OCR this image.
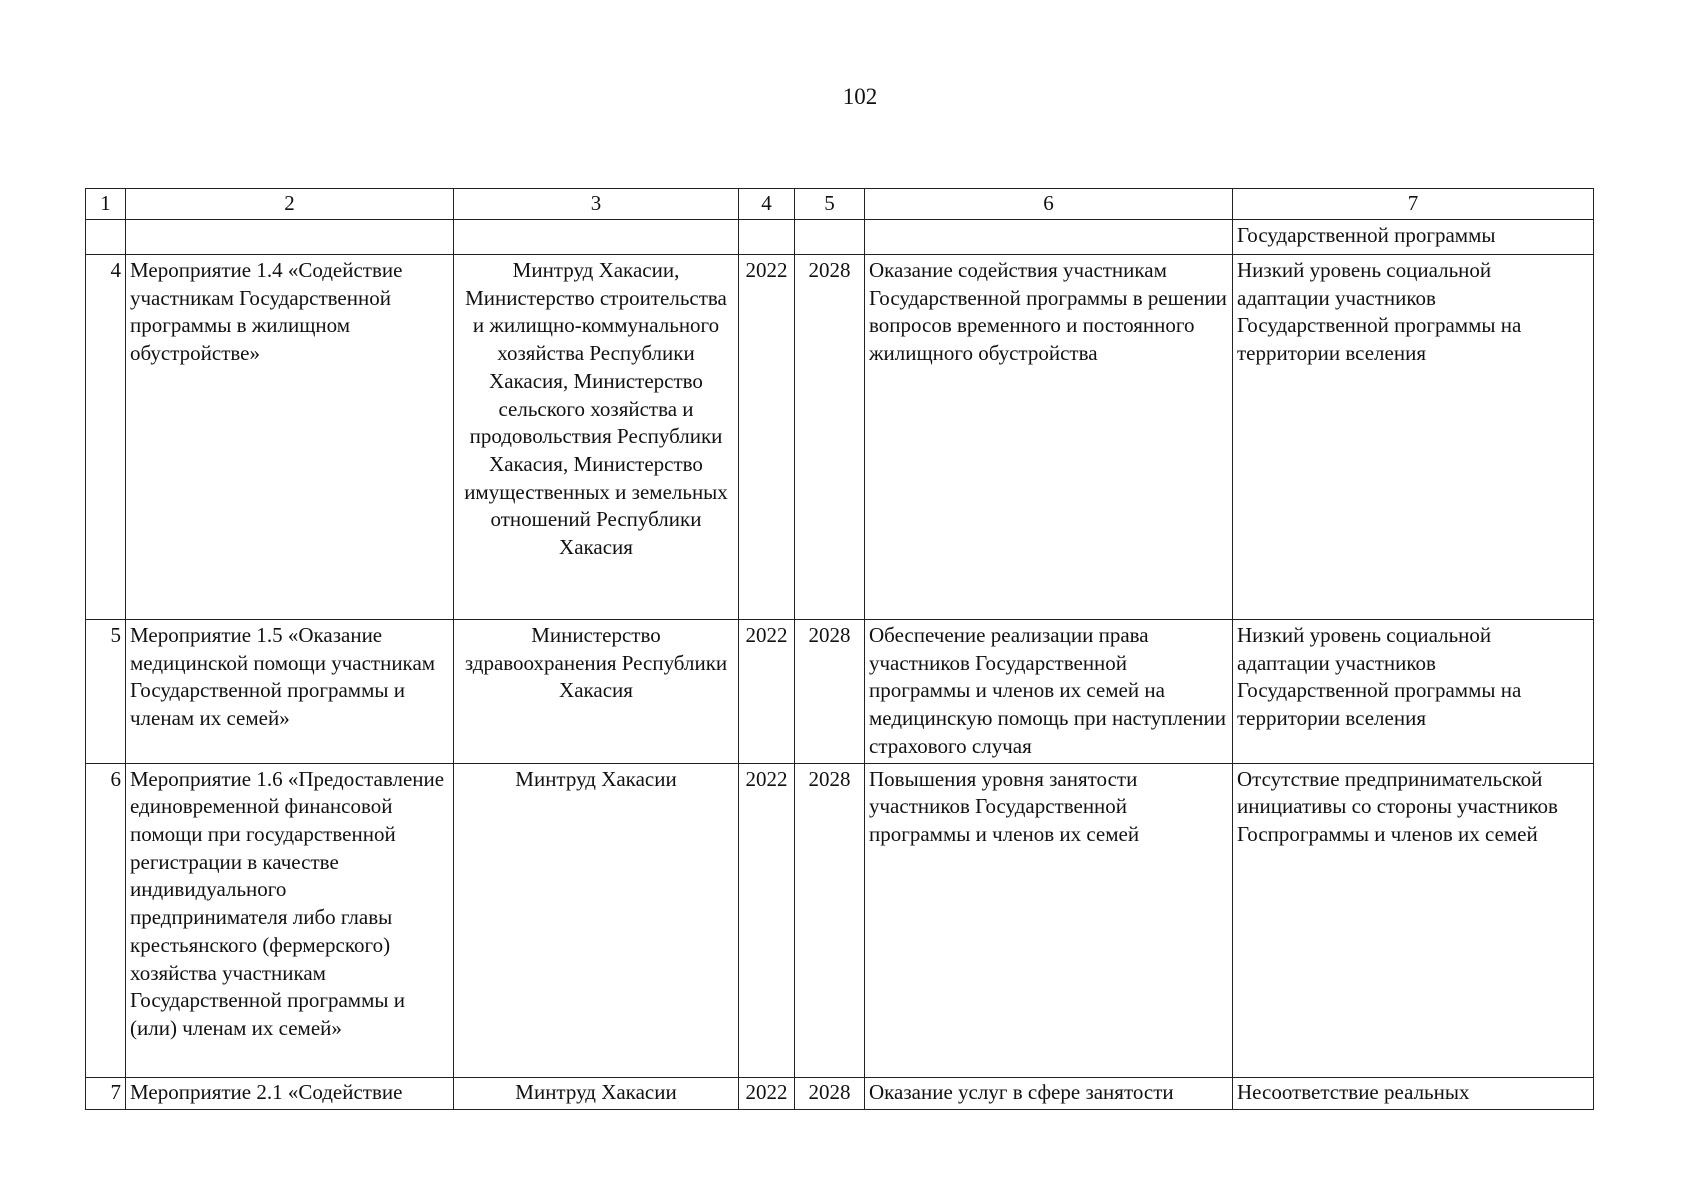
102
1	2	3	4	5	6	7
						Государственной программы
4	Мероприятие 1.4 «Содействие участникам Государственной программы в жилищном обустройстве»	Минтруд Хакасии, Министерство строительства и жилищно-коммунального хозяйства Республики Хакасия, Министерство сельского хозяйства и продовольствия Республики Хакасия, Министерство имущественных и земельных отношений Республики Хакасия	2022	2028	Оказание содействия участникам Государственной программы в решении вопросов временного и постоянного жилищного обустройства	Низкий уровень социальной адаптации участников Государственной программы на территории вселения
5	Мероприятие 1.5 «Оказание медицинской помощи участникам Государственной программы и членам их семей»	Министерство здравоохранения Республики Хакасия	2022	2028	Обеспечение реализации права участников Государственной программы и членов их семей на медицинскую помощь при наступлении страхового случая	Низкий уровень социальной адаптации участников Государственной программы на территории вселения
6	Мероприятие 1.6 «Предоставление единовременной финансовой помощи при государственной регистрации в качестве индивидуального предпринимателя либо главы крестьянского (фермерского) хозяйства участникам Государственной программы и (или) членам их семей»	Минтруд Хакасии	2022	2028	Повышения уровня занятости участников Государственной программы и членов их семей	Отсутствие предпринимательской инициативы со стороны участников Госпрограммы и членов их семей
7	Мероприятие 2.1 «Содействие	Минтруд Хакасии	2022	2028	Оказание услуг в сфере занятости	Несоответствие реальных
